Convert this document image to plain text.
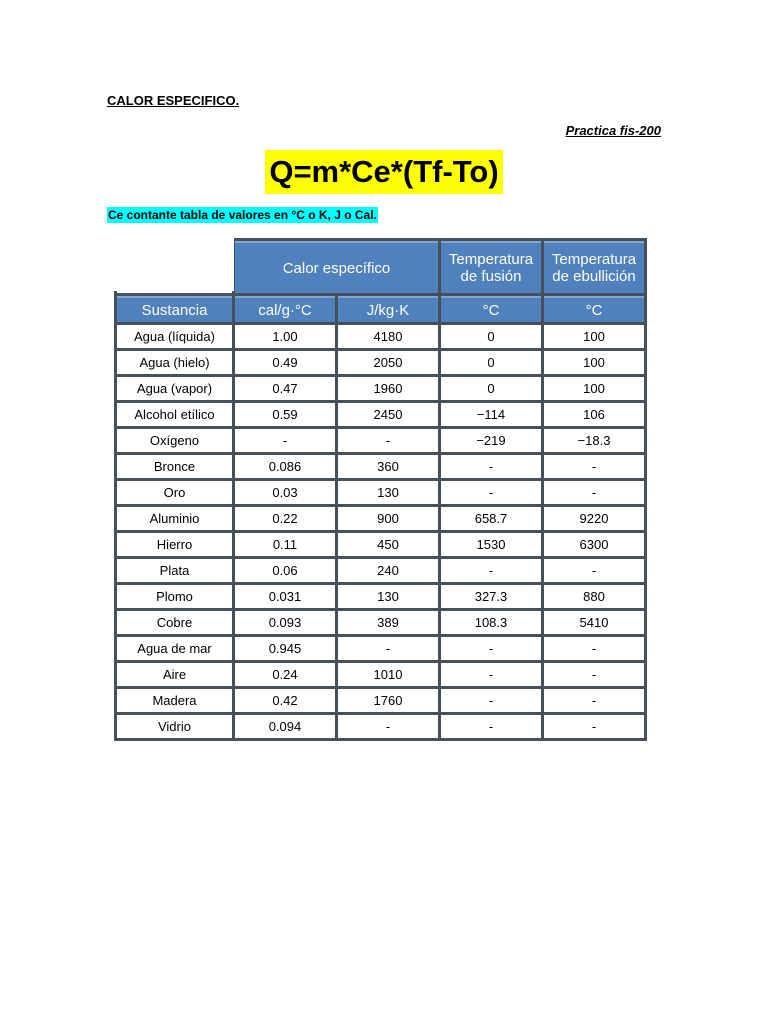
CALOR ESPECIFICO.
Practica fis-200
Q=m*Ce*(Tf-To)
Ce contante tabla de valores en °C o K, J o Cal.
	Calor específico		Temperatura de fusión	Temperatura de ebullición
Sustancia	cal/g·°C	J/kg·K	°C	°C
Agua (líquida)	1.00	4180	0	100
Agua (hielo)	0.49	2050	0	100
Agua (vapor)	0.47	1960	0	100
Alcohol etílico	0.59	2450	−114	106
Oxígeno	-	-	−219	−18.3
Bronce	0.086	360	-	-
Oro	0.03	130	-	-
Aluminio	0.22	900	658.7	9220
Hierro	0.11	450	1530	6300
Plata	0.06	240	-	-
Plomo	0.031	130	327.3	880
Cobre	0.093	389	108.3	5410
Agua de mar	0.945	-	-	-
Aire	0.24	1010	-	-
Madera	0.42	1760	-	-
Vidrio	0.094	-	-	-
